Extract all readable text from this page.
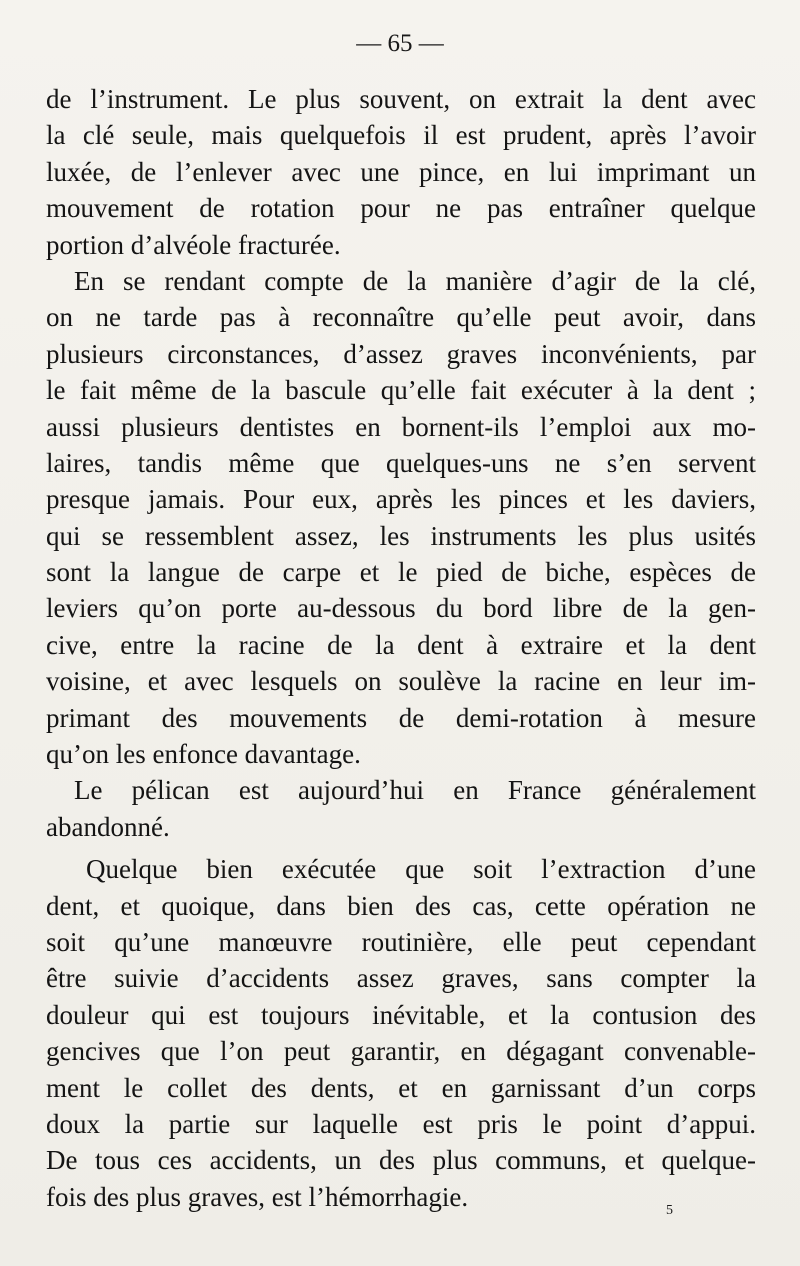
— 65 —
de l’instrument. Le plus souvent, on extrait la dent avec
la clé seule, mais quelquefois il est prudent, après l’avoir
luxée, de l’enlever avec une pince, en lui imprimant un
mouvement de rotation pour ne pas entraîner quelque
portion d’alvéole fracturée.
En se rendant compte de la manière d’agir de la clé,
on ne tarde pas à reconnaître qu’elle peut avoir, dans
plusieurs circonstances, d’assez graves inconvénients, par
le fait même de la bascule qu’elle fait exécuter à la dent ;
aussi plusieurs dentistes en bornent-ils l’emploi aux mo-
laires, tandis même que quelques-uns ne s’en servent
presque jamais. Pour eux, après les pinces et les daviers,
qui se ressemblent assez, les instruments les plus usités
sont la langue de carpe et le pied de biche, espèces de
leviers qu’on porte au-dessous du bord libre de la gen-
cive, entre la racine de la dent à extraire et la dent
voisine, et avec lesquels on soulève la racine en leur im-
primant des mouvements de demi-rotation à mesure
qu’on les enfonce davantage.
Le pélican est aujourd’hui en France généralement
abandonné.
Quelque bien exécutée que soit l’extraction d’une
dent, et quoique, dans bien des cas, cette opération ne
soit qu’une manœuvre routinière, elle peut cependant
être suivie d’accidents assez graves, sans compter la
douleur qui est toujours inévitable, et la contusion des
gencives que l’on peut garantir, en dégagant convenable-
ment le collet des dents, et en garnissant d’un corps
doux la partie sur laquelle est pris le point d’appui.
De tous ces accidents, un des plus communs, et quelque-
fois des plus graves, est l’hémorrhagie.	5
